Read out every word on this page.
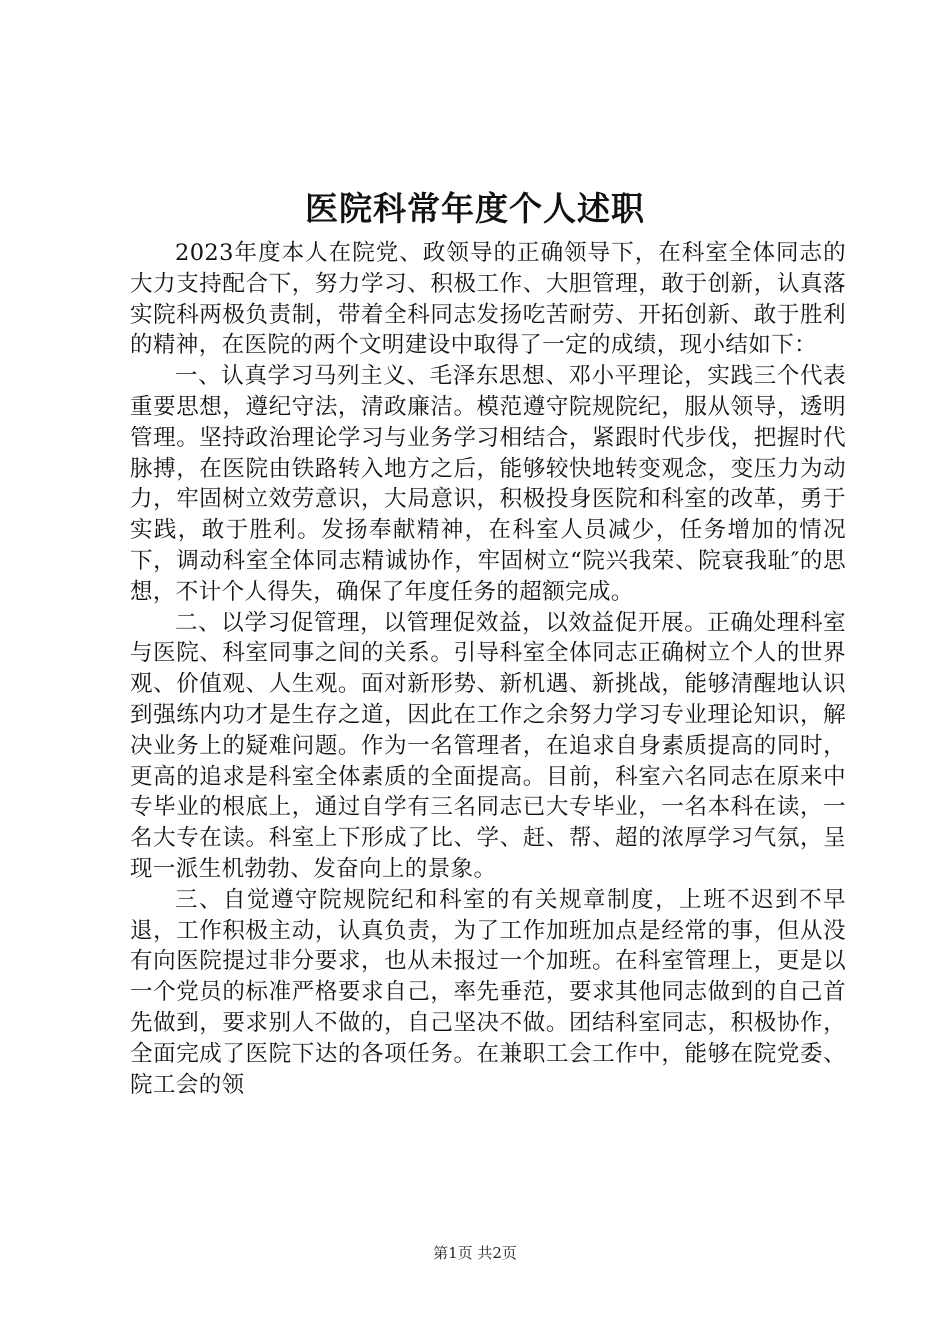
医院科常年度个人述职

2023年度本人在院党、政领导的正确领导下，在科室全体同志的大力支持配合下，努力学习、积极工作、大胆管理，敢于创新，认真落实院科两极负责制，带着全科同志发扬吃苦耐劳、开拓创新、敢于胜利的精神，在医院的两个文明建设中取得了一定的成绩，现小结如下：

一、认真学习马列主义、毛泽东思想、邓小平理论，实践三个代表重要思想，遵纪守法，清政廉洁。模范遵守院规院纪，服从领导，透明管理。坚持政治理论学习与业务学习相结合，紧跟时代步伐，把握时代脉搏，在医院由铁路转入地方之后，能够较快地转变观念，变压力为动力，牢固树立效劳意识，大局意识，积极投身医院和科室的改革，勇于实践，敢于胜利。发扬奉献精神，在科室人员减少，任务增加的情况下，调动科室全体同志精诚协作，牢固树立“院兴我荣、院衰我耻″的思想，不计个人得失，确保了年度任务的超额完成。

二、以学习促管理，以管理促效益，以效益促开展。正确处理科室与医院、科室同事之间的关系。引导科室全体同志正确树立个人的世界观、价值观、人生观。面对新形势、新机遇、新挑战，能够清醒地认识到强练内功才是生存之道，因此在工作之余努力学习专业理论知识，解决业务上的疑难问题。作为一名管理者，在追求自身素质提高的同时，更高的追求是科室全体素质的全面提高。目前，科室六名同志在原来中专毕业的根底上，通过自学有三名同志已大专毕业，一名本科在读，一名大专在读。科室上下形成了比、学、赶、帮、超的浓厚学习气氛，呈现一派生机勃勃、发奋向上的景象。

三、自觉遵守院规院纪和科室的有关规章制度，上班不迟到不早退，工作积极主动，认真负责，为了工作加班加点是经常的事，但从没有向医院提过非分要求，也从未报过一个加班。在科室管理上，更是以一个党员的标准严格要求自己，率先垂范，要求其他同志做到的自己首先做到，要求别人不做的，自己坚决不做。团结科室同志，积极协作，全面完成了医院下达的各项任务。在兼职工会工作中，能够在院党委、院工会的领

第1页 共2页
